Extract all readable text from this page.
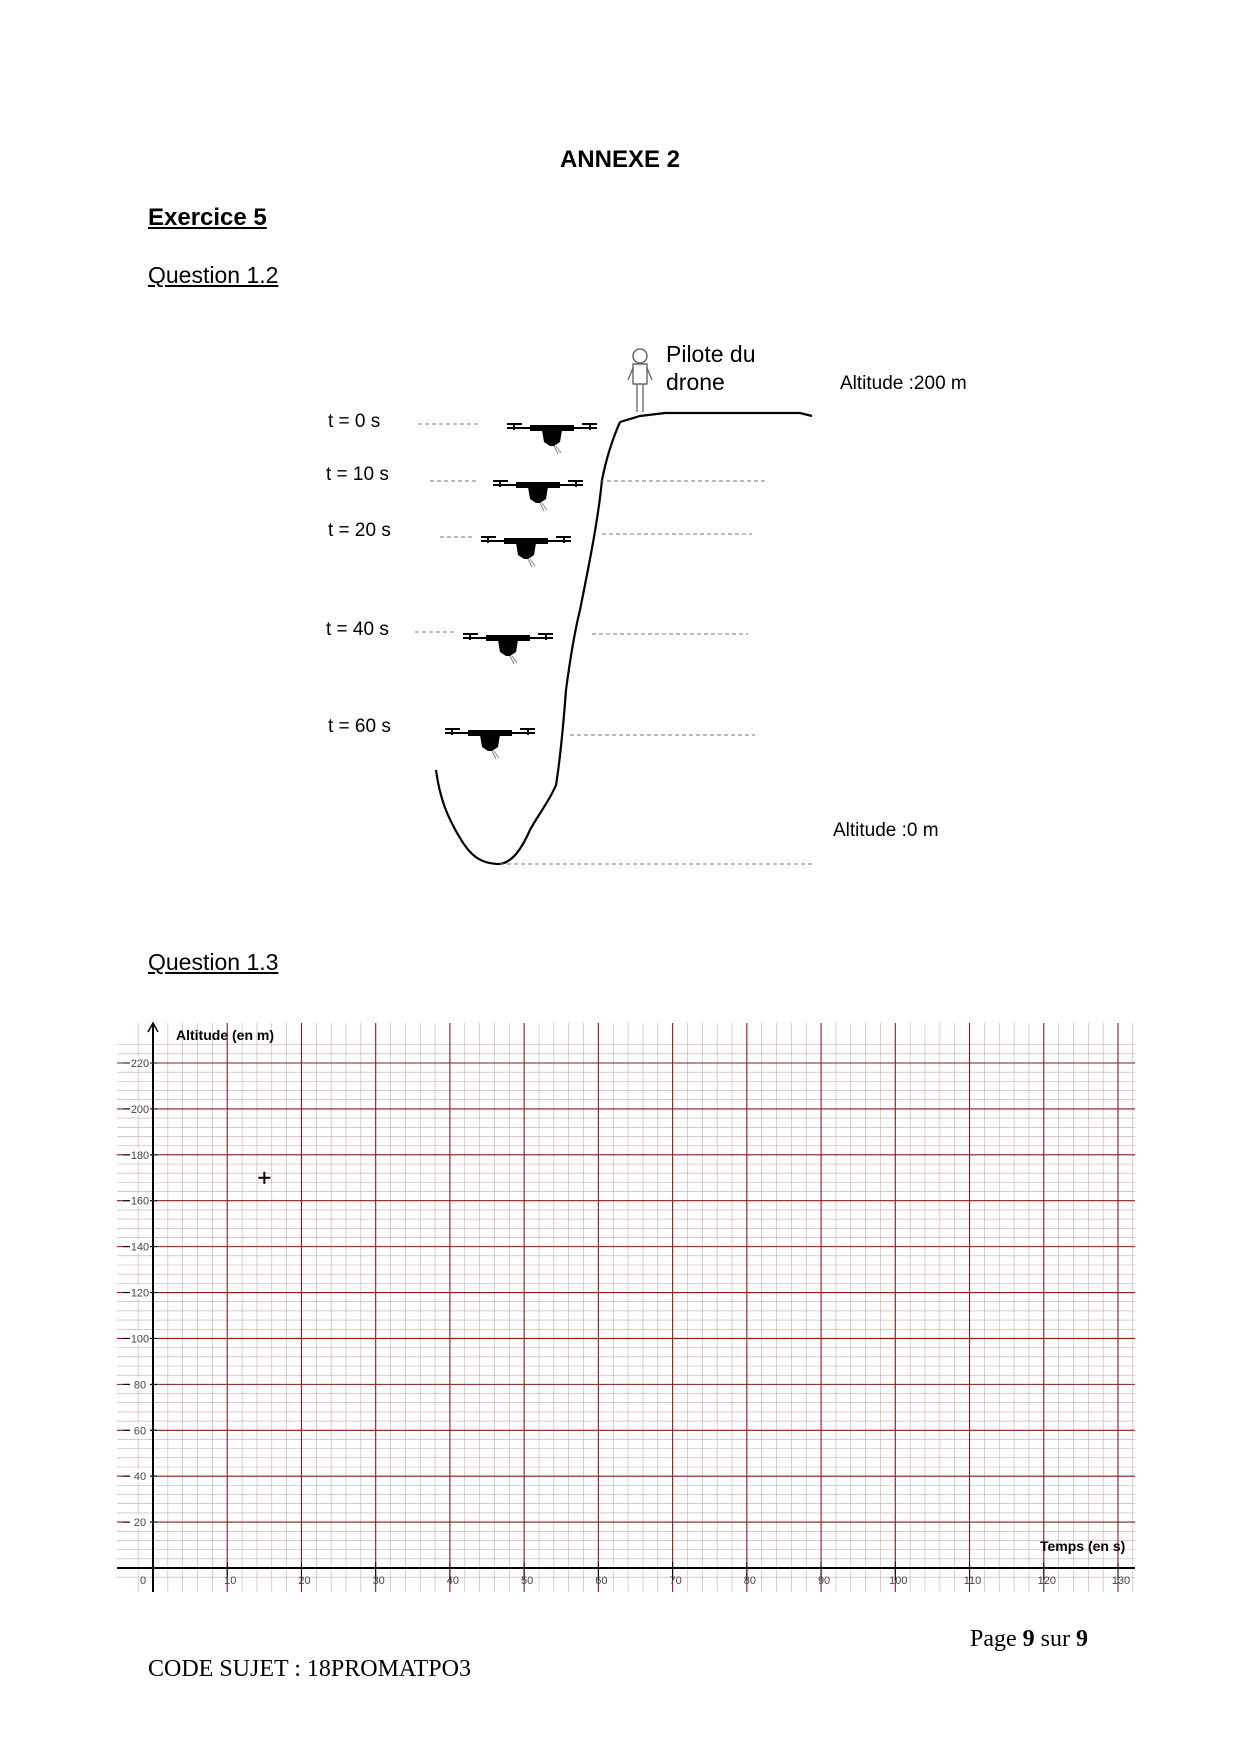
ANNEXE 2
Exercice 5
Question 1.2
Pilote du
drone	Altitude :200 m
Altitude :0 m
t = 0 s
t = 10 s
t = 20 s
t = 40 s
t = 60 s
Question 1.3
0	10	20	30	40	50	60	70	80	90	100	110	120	130
20
40
60
80
100
120
140
160
180
200
220
Altitude (en m)
Temps (en s)
Page 9 sur 9
CODE SUJET : 18PROMATPO3
